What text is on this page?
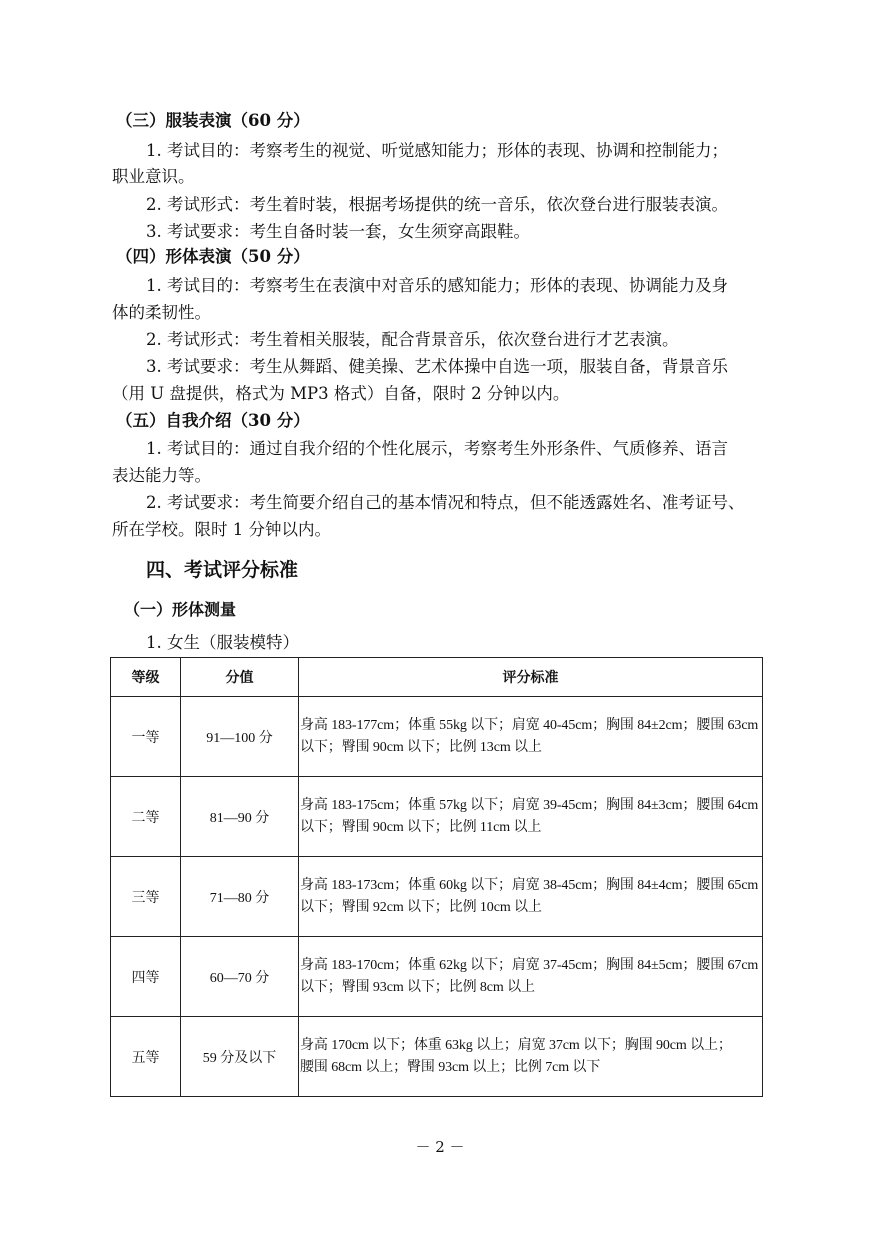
（三）服装表演（60 分）
1. 考试目的：考察考生的视觉、听觉感知能力；形体的表现、协调和控制能力；
职业意识。
2. 考试形式：考生着时装，根据考场提供的统一音乐，依次登台进行服装表演。
3. 考试要求：考生自备时装一套，女生须穿高跟鞋。
（四）形体表演（50 分）
1. 考试目的：考察考生在表演中对音乐的感知能力；形体的表现、协调能力及身
体的柔韧性。
2. 考试形式：考生着相关服装，配合背景音乐，依次登台进行才艺表演。
3. 考试要求：考生从舞蹈、健美操、艺术体操中自选一项，服装自备，背景音乐
（用 U 盘提供，格式为 MP3 格式）自备，限时 2 分钟以内。
（五）自我介绍（30 分）
1. 考试目的：通过自我介绍的个性化展示，考察考生外形条件、气质修养、语言
表达能力等。
2. 考试要求：考生简要介绍自己的基本情况和特点，但不能透露姓名、准考证号、
所在学校。限时 1 分钟以内。
四、考试评分标准
（一）形体测量
1. 女生（服装模特）
等级	分值	评分标准
一等	91—100 分	身高 183-177cm；体重 55kg 以下；肩宽 40-45cm；胸围 84±2cm；腰围 63cm
以下；臀围 90cm 以下；比例 13cm 以上

二等	81—90 分	身高 183-175cm；体重 57kg 以下；肩宽 39-45cm；胸围 84±3cm；腰围 64cm
以下；臀围 90cm 以下；比例 11cm 以上

三等	71—80 分	身高 183-173cm；体重 60kg 以下；肩宽 38-45cm；胸围 84±4cm；腰围 65cm
以下；臀围 92cm 以下；比例 10cm 以上

四等	60—70 分	身高 183-170cm；体重 62kg 以下；肩宽 37-45cm；胸围 84±5cm；腰围 67cm
以下；臀围 93cm 以下；比例 8cm 以上

五等	59 分及以下	身高 170cm 以下；体重 63kg 以上；肩宽 37cm 以下；胸围 90cm 以上；
腰围 68cm 以上；臀围 93cm 以上；比例 7cm 以下
－ 2 －
